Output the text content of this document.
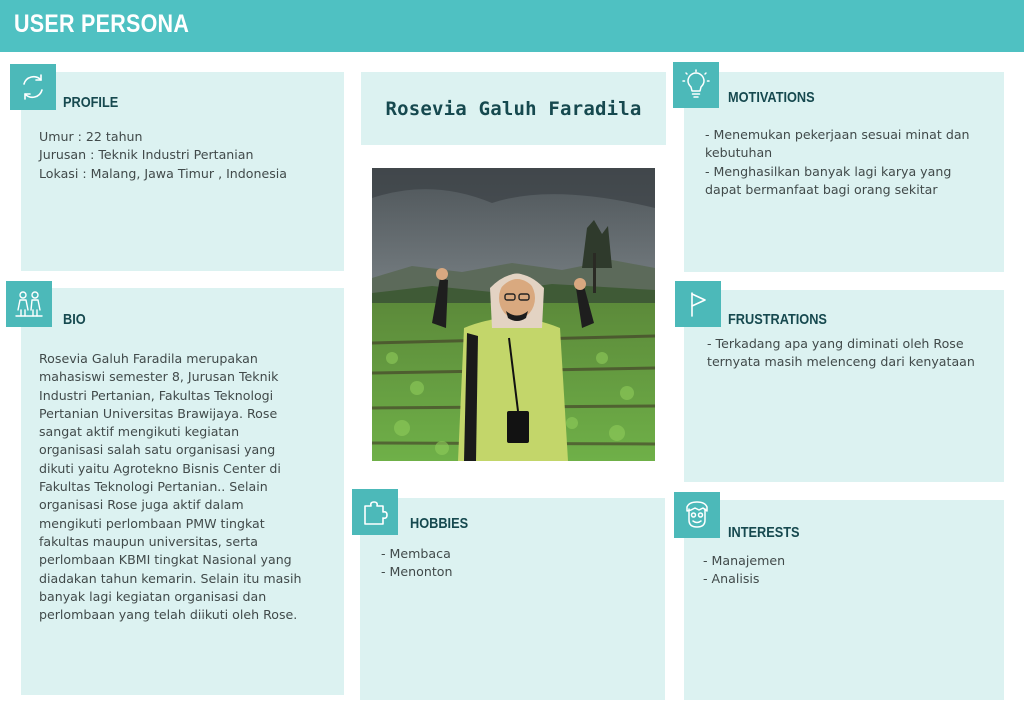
USER PERSONA
PROFILE
Umur : 22 tahun
Jurusan : Teknik Industri Pertanian
Lokasi : Malang, Jawa Timur , Indonesia
BIO
Rosevia Galuh Faradila merupakan
mahasiswi semester 8, Jurusan Teknik
Industri Pertanian, Fakultas Teknologi
Pertanian Universitas Brawijaya. Rose
sangat aktif mengikuti kegiatan
organisasi salah satu organisasi yang
dikuti yaitu Agrotekno Bisnis Center di
Fakultas Teknologi Pertanian.. Selain
organisasi Rose juga aktif dalam
mengikuti perlombaan PMW tingkat
fakultas maupun universitas, serta
perlombaan KBMI tingkat Nasional yang
diadakan tahun kemarin. Selain itu masih
banyak lagi kegiatan organisasi dan
perlombaan yang telah diikuti oleh Rose.
Rosevia Galuh Faradila
HOBBIES
- Membaca
- Menonton
MOTIVATIONS
- Menemukan pekerjaan sesuai minat dan
kebutuhan
- Menghasilkan banyak lagi karya yang
dapat bermanfaat bagi orang sekitar
FRUSTRATIONS
- Terkadang apa yang diminati oleh Rose
ternyata masih melenceng dari kenyataan
INTERESTS
- Manajemen
- Analisis
